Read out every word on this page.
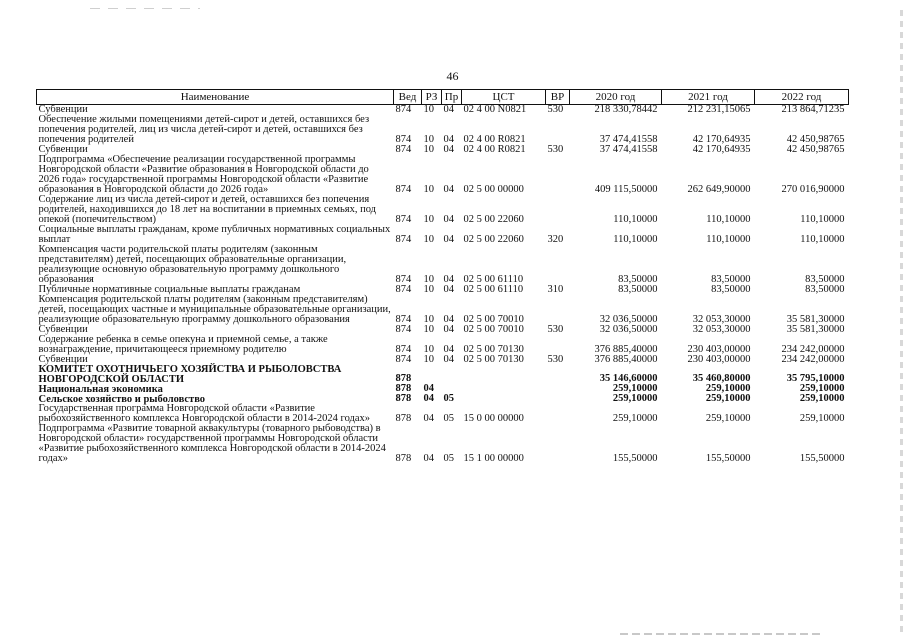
46
Наименование	Вед	РЗ	Пр	ЦСТ	ВР	2020 год	2021 год	2022 год
Субвенции	874	10	04	02 4 00 N0821	530	218 330,78442	212 231,15065	213 864,71235
Обеспечение жилыми помещениями детей-сирот и детей, оставшихся без попечения родителей, лиц из числа детей-сирот и детей, оставшихся без попечения родителей	874	10	04	02 4 00 R0821		37 474,41558	42 170,64935	42 450,98765
Субвенции	874	10	04	02 4 00 R0821	530	37 474,41558	42 170,64935	42 450,98765
Подпрограмма «Обеспечение реализации государственной программы Новгородской области «Развитие образования в Новгородской области до 2026 года» государственной программы Новгородской области «Развитие образования в Новгородской области до 2026 года»	874	10	04	02 5 00 00000		409 115,50000	262 649,90000	270 016,90000
Содержание лиц из числа детей-сирот и детей, оставшихся без попечения родителей, находившихся до 18 лет на воспитании в приемных семьях, под опекой (попечительством)	874	10	04	02 5 00 22060		110,10000	110,10000	110,10000
Социальные выплаты гражданам, кроме публичных нормативных социальных выплат	874	10	04	02 5 00 22060	320	110,10000	110,10000	110,10000
Компенсация части родительской платы родителям (законным представителям) детей, посещающих образовательные организации, реализующие основную образовательную программу дошкольного образования	874	10	04	02 5 00 61110		83,50000	83,50000	83,50000
Публичные нормативные социальные выплаты гражданам	874	10	04	02 5 00 61110	310	83,50000	83,50000	83,50000
Компенсация родительской платы родителям (законным представителям) детей, посещающих частные и муниципальные образовательные организации, реализующие образовательную программу дошкольного образования	874	10	04	02 5 00 70010		32 036,50000	32 053,30000	35 581,30000
Субвенции	874	10	04	02 5 00 70010	530	32 036,50000	32 053,30000	35 581,30000
Содержание ребенка в семье опекуна и приемной семье, а также вознаграждение, причитающееся приемному родителю	874	10	04	02 5 00 70130		376 885,40000	230 403,00000	234 242,00000
Субвенции	874	10	04	02 5 00 70130	530	376 885,40000	230 403,00000	234 242,00000
КОМИТЕТ ОХОТНИЧЬЕГО ХОЗЯЙСТВА И РЫБОЛОВСТВА НОВГОРОДСКОЙ ОБЛАСТИ	878					35 146,60000	35 460,80000	35 795,10000
Национальная экономика	878	04				259,10000	259,10000	259,10000
Сельское хозяйство и рыболовство	878	04	05			259,10000	259,10000	259,10000
Государственная программа Новгородской области «Развитие рыбохозяйственного комплекса Новгородской области в 2014-2024 годах»	878	04	05	15 0 00 00000		259,10000	259,10000	259,10000
Подпрограмма «Развитие товарной аквакультуры (товарного рыбоводства) в Новгородской области» государственной программы Новгородской области «Развитие рыбохозяйственного комплекса Новгородской области в 2014-2024 годах»	878	04	05	15 1 00 00000		155,50000	155,50000	155,50000
